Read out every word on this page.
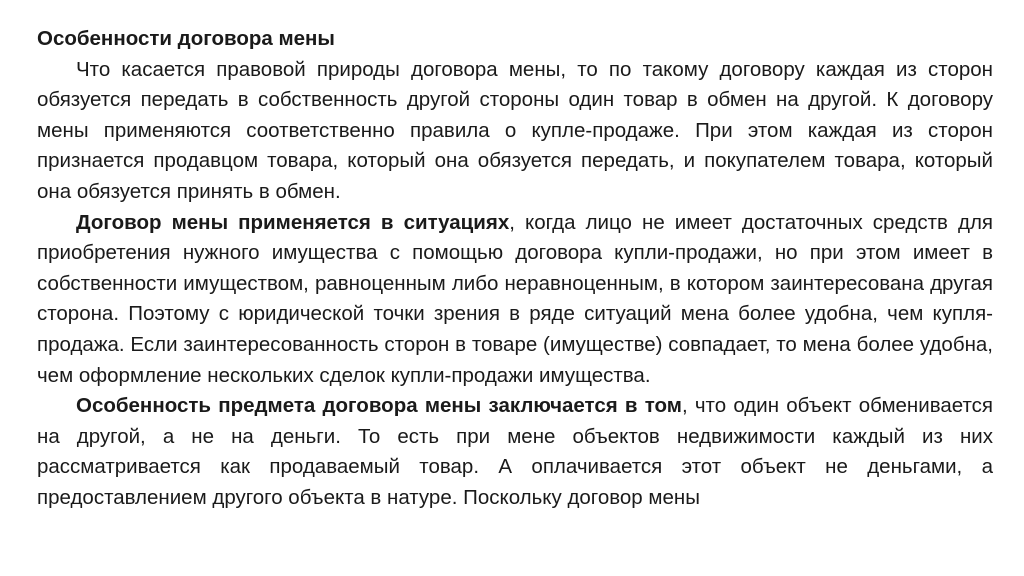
Особенности договора мены

Что касается правовой природы договора мены, то по такому договору каждая из сторон обязуется передать в собственность другой стороны один товар в обмен на другой. К договору мены применяются соответственно правила о купле-продаже. При этом каждая из сторон признается продавцом товара, который она обязуется передать, и покупателем товара, который она обязуется принять в обмен.

Договор мены применяется в ситуациях, когда лицо не имеет достаточных средств для приобретения нужного имущества с помощью договора купли-продажи, но при этом имеет в собственности имуществом, равноценным либо неравноценным, в котором заинтересована другая сторона. Поэтому с юридической точки зрения в ряде ситуаций мена более удобна, чем купля-продажа. Если заинтересованность сторон в товаре (имуществе) совпадает, то мена более удобна, чем оформление нескольких сделок купли-продажи имущества.

Особенность предмета договора мены заключается в том, что один объект обменивается на другой, а не на деньги. То есть при мене объектов недвижимости каждый из них рассматривается как продаваемый товар. А оплачивается этот объект не деньгами, а предоставлением другого объекта в натуре. Поскольку договор мены
